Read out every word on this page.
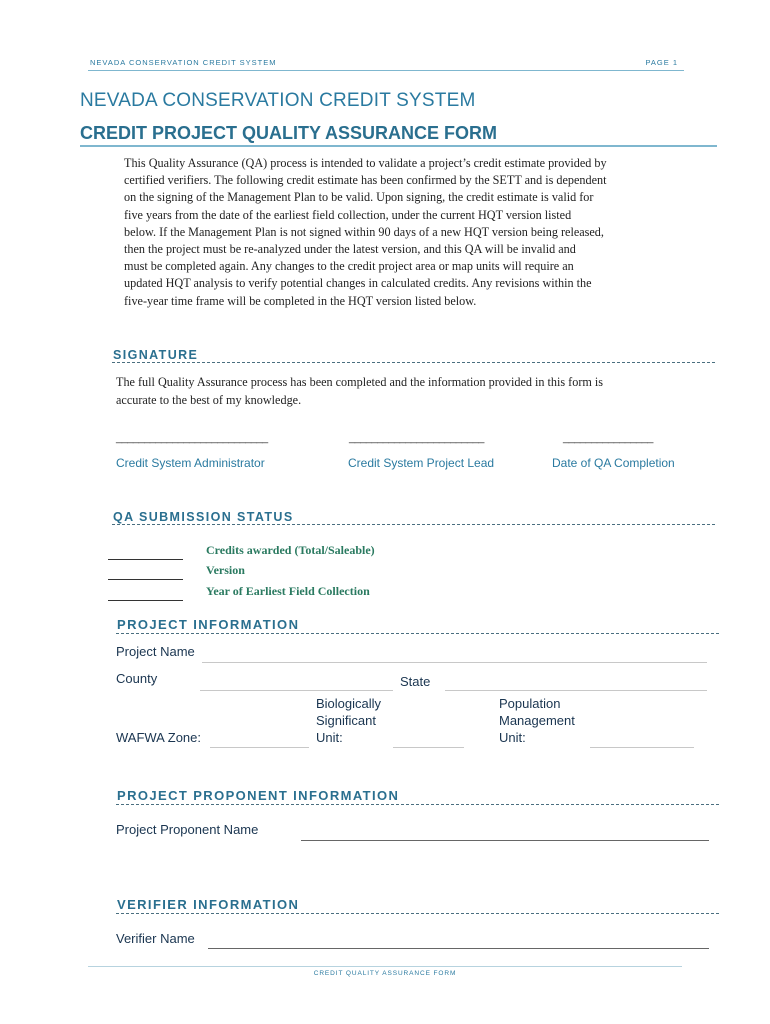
NEVADA CONSERVATION CREDIT SYSTEM	PAGE 1
NEVADA CONSERVATION CREDIT SYSTEM
CREDIT PROJECT QUALITY ASSURANCE FORM
This Quality Assurance (QA) process is intended to validate a project’s credit estimate provided by
certified verifiers. The following credit estimate has been confirmed by the SETT and is dependent
on the signing of the Management Plan to be valid. Upon signing, the credit estimate is valid for
five years from the date of the earliest field collection, under the current HQT version listed
below. If the Management Plan is not signed within 90 days of a new HQT version being released,
then the project must be re-analyzed under the latest version, and this QA will be invalid and
must be completed again. Any changes to the credit project area or map units will require an
updated HQT analysis to verify potential changes in calculated credits. Any revisions within the
five-year time frame will be completed in the HQT version listed below.
SIGNATURE
The full Quality Assurance process has been completed and the information provided in this form is
accurate to the best of my knowledge.
___________________________	________________________	________________
Credit System Administrator	Credit System Project Lead	Date of QA Completion
QA SUBMISSION STATUS
Credits awarded (Total/Saleable)
Version
Year of Earliest Field Collection
PROJECT INFORMATION
Project Name
County	State
WAFWA Zone:
Biologically
Significant
Unit:
Population
Management
Unit:
PROJECT PROPONENT INFORMATION
Project Proponent Name
VERIFIER INFORMATION
Verifier Name
CREDIT QUALITY ASSURANCE FORM
